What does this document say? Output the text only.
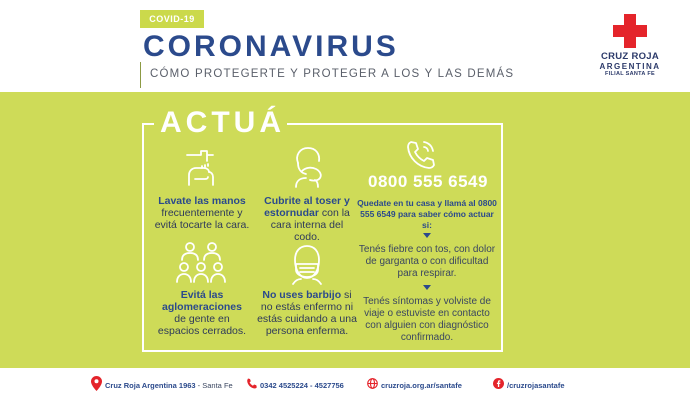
COVID-19
CORONAVIRUS
CÓMO PROTEGERTE Y PROTEGER A LOS Y LAS DEMÁS
CRUZ ROJA
ARGENTINA
FILIAL SANTA FE
ACTUÁ
Lavate las manos frecuentemente y evitá tocarte la cara.
Cubrite al toser y estornudar con la cara interna del codo.
Evitá las aglomeraciones de gente en espacios cerrados.
No uses barbijo si no estás enfermo ni estás cuidando a una persona enferma.
0800 555 6549
Quedate en tu casa y llamá al 0800 555 6549 para saber cómo actuar si:
Tenés fiebre con tos, con dolor de garganta o con dificultad para respirar.
Tenés síntomas y volviste de viaje o estuviste en contacto con alguien con diagnóstico confirmado.
Cruz Roja Argentina 1963 - Santa Fe	0342 4525224 - 4527756	cruzroja.org.ar/santafe	/cruzrojasantafe
